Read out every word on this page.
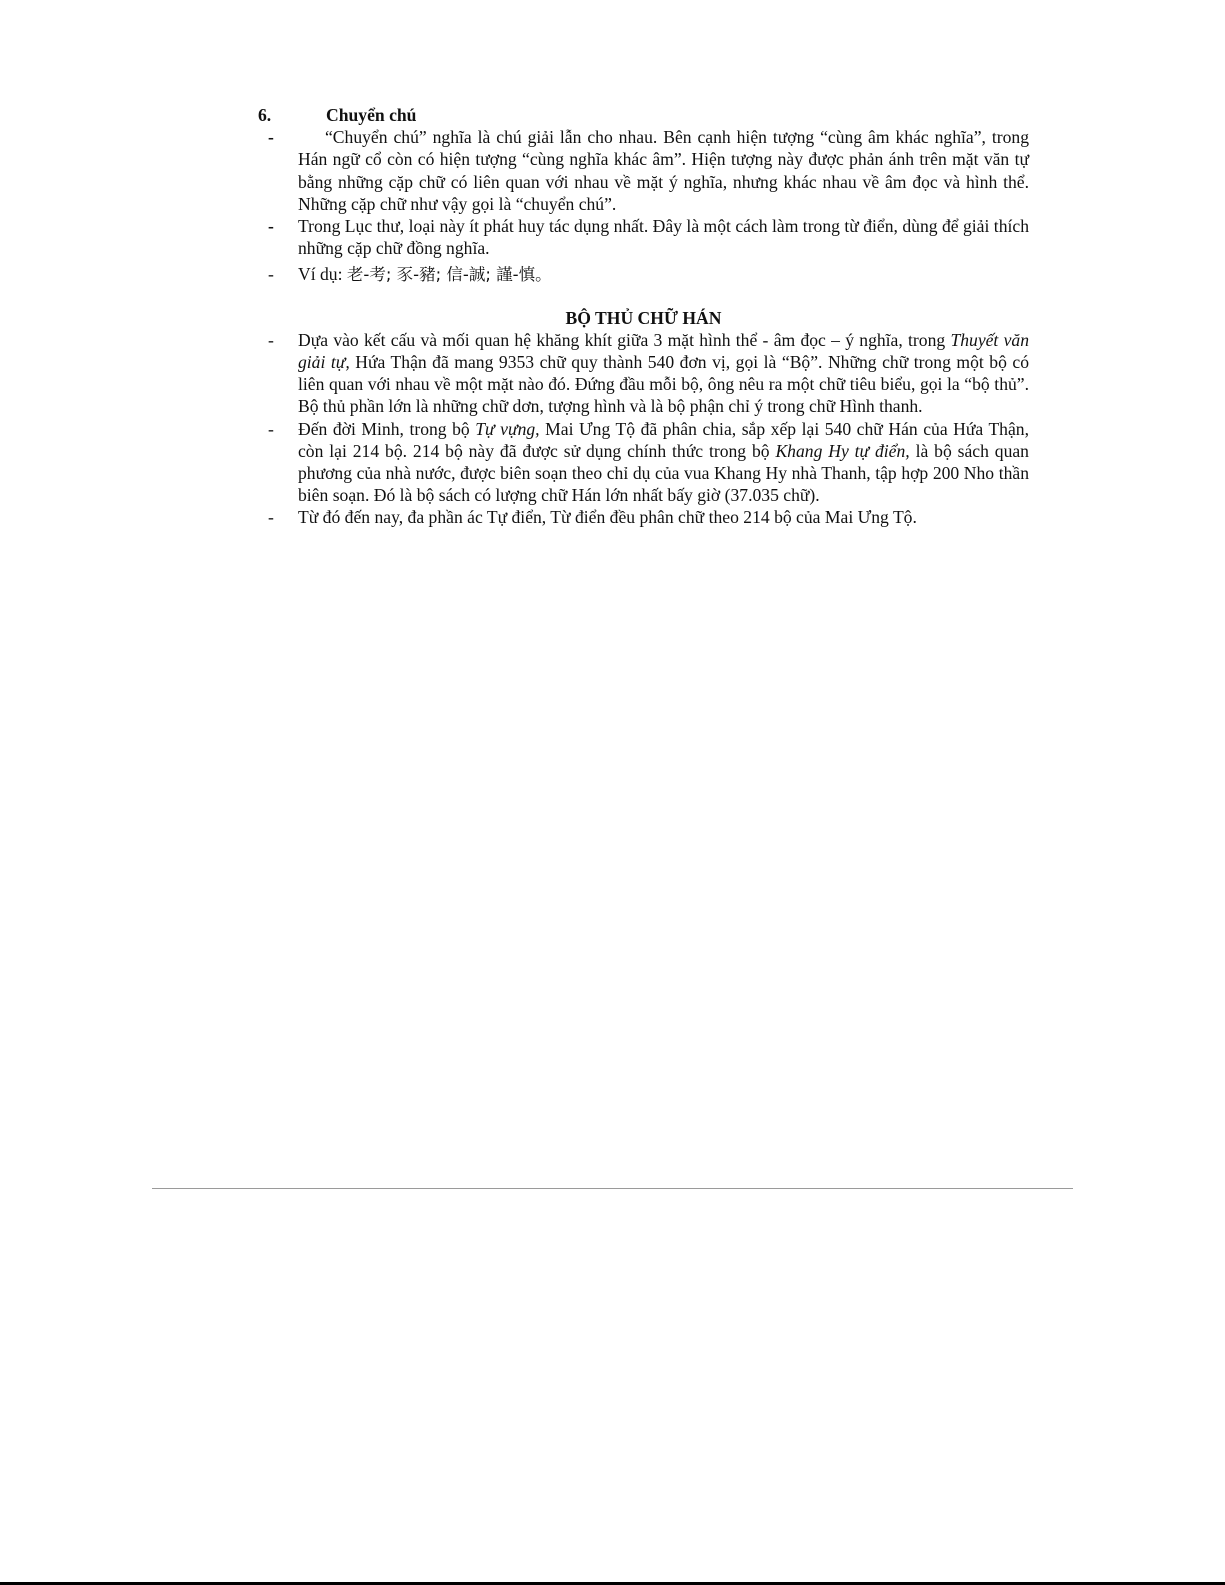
6.	Chuyển chú
-	“Chuyển chú” nghĩa là chú giải lẫn cho nhau. Bên cạnh hiện tượng “cùng âm khác nghĩa”, trong Hán ngữ cổ còn có hiện tượng “cùng nghĩa khác âm”. Hiện tượng này được phản ánh trên mặt văn tự bằng những cặp chữ có liên quan với nhau về mặt ý nghĩa, nhưng khác nhau về âm đọc và hình thể. Những cặp chữ như vậy gọi là “chuyển chú”.
-	Trong Lục thư, loại này ít phát huy tác dụng nhất. Đây là một cách làm trong từ điển, dùng để giải thích những cặp chữ đồng nghĩa.
-	Ví dụ: 老-考; 豕-豬; 信-誠; 謹-慎。
BỘ THỦ CHỮ HÁN
-	Dựa vào kết cấu và mối quan hệ khăng khít giữa 3 mặt hình thể - âm đọc – ý nghĩa, trong Thuyết văn giải tự, Hứa Thận đã mang 9353 chữ quy thành 540 đơn vị, gọi là “Bộ”. Những chữ trong một bộ có liên quan với nhau về một mặt nào đó. Đứng đầu mỗi bộ, ông nêu ra một chữ tiêu biểu, gọi la “bộ thủ”. Bộ thủ phần lớn là những chữ dơn, tượng hình và là bộ phận chỉ ý trong chữ Hình thanh.
-	Đến đời Minh, trong bộ Tự vựng, Mai Ưng Tộ đã phân chia, sắp xếp lại 540 chữ Hán của Hứa Thận, còn lại 214 bộ. 214 bộ này đã được sử dụng chính thức trong bộ Khang Hy tự điển, là bộ sách quan phương của nhà nước, được biên soạn theo chỉ dụ của vua Khang Hy nhà Thanh, tập hợp 200 Nho thần biên soạn. Đó là bộ sách có lượng chữ Hán lớn nhất bấy giờ (37.035 chữ).
-	Từ đó đến nay, đa phần ác Tự điển, Từ điển đều phân chữ theo 214 bộ của Mai Ưng Tộ.
